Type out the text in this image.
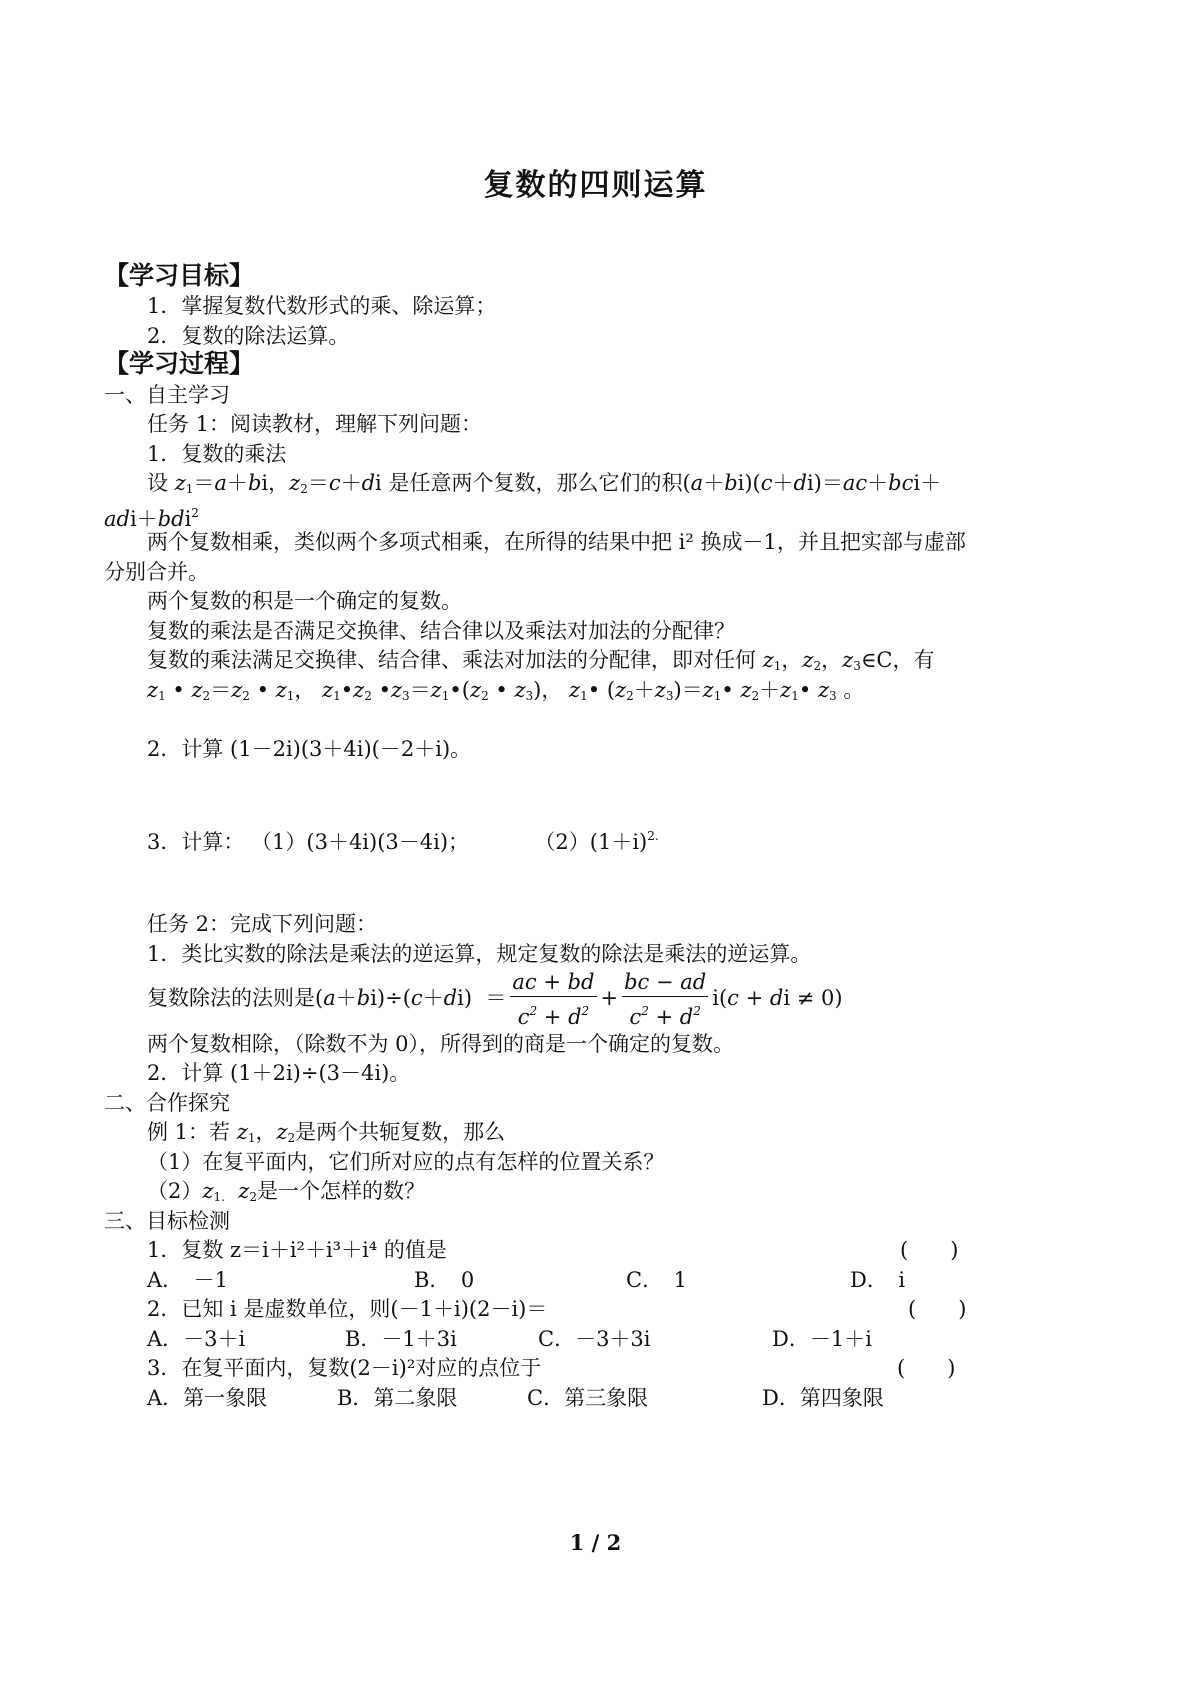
复数的四则运算
【学习目标】
1．掌握复数代数形式的乘、除运算；
2．复数的除法运算。
【学习过程】
一、自主学习
任务 1：阅读教材，理解下列问题：
1．复数的乘法
设 $z_1=a+bi$，$z_2=c+di$ 是任意两个复数，那么它们的积(a＋bi)(c＋di)＝ac＋bci＋
adi＋bdi$^2$
两个复数相乘，类似两个多项式相乘，在所得的结果中把 i² 换成－1，并且把实部与虚部
分别合并。
两个复数的积是一个确定的复数。
复数的乘法是否满足交换律、结合律以及乘法对加法的分配律？
复数的乘法满足交换律、结合律、乘法对加法的分配律，即对任何 $z_1$，$z_2$，$z_3\in C$，有
$z_1$ • $z_2=z_2$ • $z_1$， $z_1•z_2$ $•z_3=z_1•(z_2$ • $z_3$)， $z_1•$ $(z_2+z_3)=z_1•$ $z_2+z_1•$ $z_3$ 。
2．计算 (1－2i)(3＋4i)(－2＋i)。
3．计算： （1）(3＋4i)(3－4i)；	$(2)(1+i)^{2.}$
任务 2：完成下列问题：
1．类比实数的除法是乘法的逆运算，规定复数的除法是乘法的逆运算。
复数除法的法则是$(a+bi)\div(c+di) = \frac{ac + bd}{c^2 + d^2} + \frac{bc - ad}{c^2 + d^2} i(c$ + di ≠ 0)
两个复数相除，（除数不为 0），所得到的商是一个确定的复数。
2．计算 (1＋2i)÷(3－4i)。
二、合作探究
例 1：若 $z_1$，$z_2$是两个共轭复数，那么
（1）在复平面内，它们所对应的点有怎样的位置关系？
$(2)z_{1.}$ $z_2$是一个怎样的数？
三、目标检测
1．复数 z＝i＋i²＋i³＋i⁴ 的值是	(　　)
A．　－1	B．　0	C．　1	D．　i
2．已知 i 是虚数单位，则(－1＋i)(2－i)＝	(　　)
A．－3＋i	B．－1＋3i	C．－3＋3i	D．－1＋i
3．在复平面内，复数(2－i)²对应的点位于	(　　)
A．第一象限	B．第二象限	C．第三象限	D．第四象限
1 / 2
